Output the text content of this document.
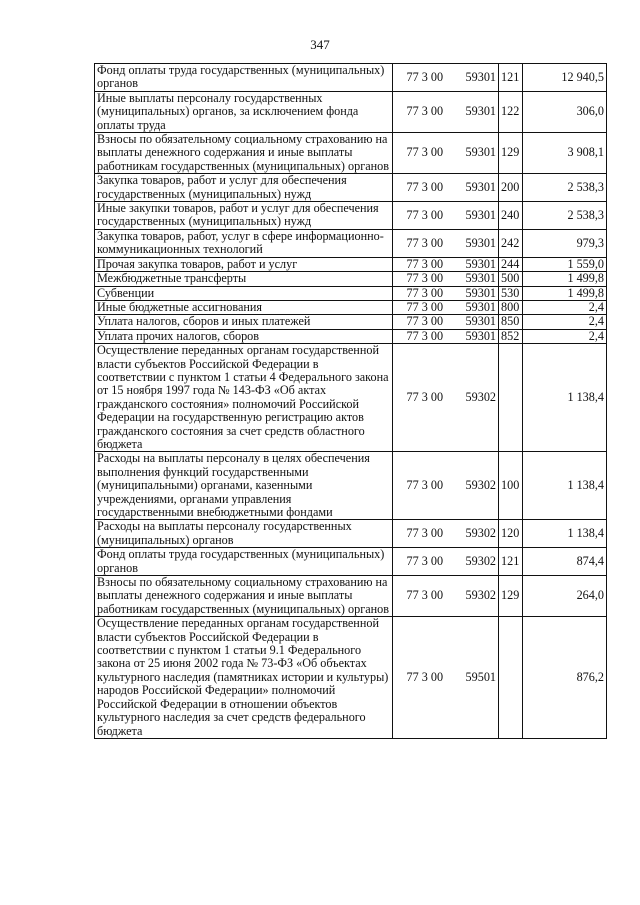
347
Фонд оплаты труда государственных (муниципальных) органов	77 3 00	59301	121	12 940,5
Иные выплаты персоналу государственных (муниципальных) органов, за исключением фонда оплаты труда	77 3 00	59301	122	306,0
Взносы по обязательному социальному страхованию на выплаты денежного содержания и иные выплаты работникам государственных (муниципальных) органов	77 3 00	59301	129	3 908,1
Закупка товаров, работ и услуг для обеспечения государственных (муниципальных) нужд	77 3 00	59301	200	2 538,3
Иные закупки товаров, работ и услуг для обеспечения государственных (муниципальных) нужд	77 3 00	59301	240	2 538,3
Закупка товаров, работ, услуг в сфере информационно-коммуникационных технологий	77 3 00	59301	242	979,3
Прочая закупка товаров, работ и услуг	77 3 00	59301	244	1 559,0
Межбюджетные трансферты	77 3 00	59301	500	1 499,8
Субвенции	77 3 00	59301	530	1 499,8
Иные бюджетные ассигнования	77 3 00	59301	800	2,4
Уплата налогов, сборов и иных платежей	77 3 00	59301	850	2,4
Уплата прочих налогов, сборов	77 3 00	59301	852	2,4
Осуществление переданных органам государственной власти субъектов Российской Федерации в соответствии с пунктом 1 статьи 4 Федерального закона от 15 ноября 1997 года № 143-ФЗ «Об актах гражданского состояния» полномочий Российской Федерации на государственную регистрацию актов гражданского состояния за счет средств областного бюджета	77 3 00	59302		1 138,4
Расходы на выплаты персоналу в целях обеспечения выполнения функций государственными (муниципальными) органами, казенными учреждениями, органами управления государственными внебюджетными фондами	77 3 00	59302	100	1 138,4
Расходы на выплаты персоналу государственных (муниципальных) органов	77 3 00	59302	120	1 138,4
Фонд оплаты труда государственных (муниципальных) органов	77 3 00	59302	121	874,4
Взносы по обязательному социальному страхованию на выплаты денежного содержания и иные выплаты работникам государственных (муниципальных) органов	77 3 00	59302	129	264,0
Осуществление переданных органам государственной власти субъектов Российской Федерации в соответствии с пунктом 1 статьи 9.1 Федерального закона от 25 июня 2002 года № 73-ФЗ «Об объектах культурного наследия (памятниках истории и культуры) народов Российской Федерации» полномочий Российской Федерации в отношении объектов культурного наследия за счет средств федерального бюджета	77 3 00	59501		876,2
